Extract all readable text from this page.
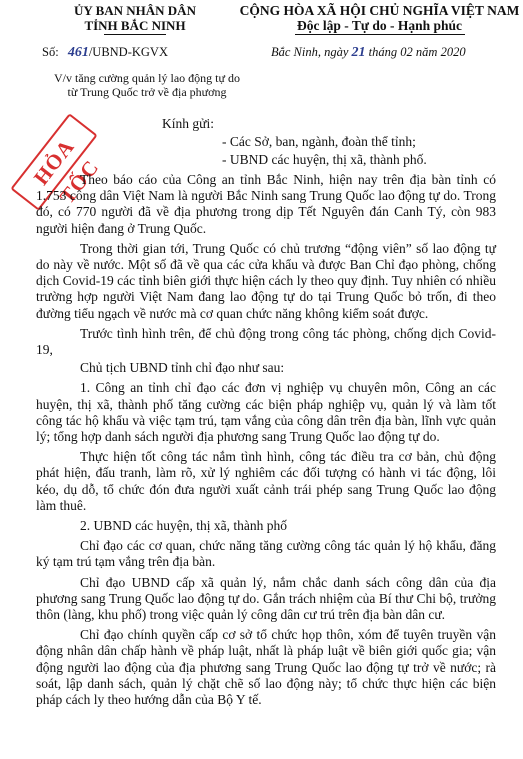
ỦY BAN NHÂN DÂN
TỈNH BẮC NINH
CỘNG HÒA XÃ HỘI CHỦ NGHĨA VIỆT NAM
Độc lập - Tự do - Hạnh phúc
Số: 461/UBND-KGVX	Bắc Ninh, ngày 21 tháng 02 năm 2020
V/v tăng cường quản lý lao động tự do
từ Trung Quốc trở về địa phương
HỎA TỐC
Kính gửi:
- Các Sở, ban, ngành, đoàn thể tỉnh;
- UBND các huyện, thị xã, thành phố.

Theo báo cáo của Công an tỉnh Bắc Ninh, hiện nay trên địa bàn tỉnh có 1.753 công dân Việt Nam là người Bắc Ninh sang Trung Quốc lao động tự do. Trong đó, có 770 người đã về địa phương trong dịp Tết Nguyên đán Canh Tý, còn 983 người hiện đang ở Trung Quốc.

Trong thời gian tới, Trung Quốc có chủ trương “động viên” số lao động tự do này về nước. Một số đã về qua các cửa khẩu và được Ban Chỉ đạo phòng, chống dịch Covid-19 các tỉnh biên giới thực hiện cách ly theo quy định. Tuy nhiên có nhiều trường hợp người Việt Nam đang lao động tự do tại Trung Quốc bỏ trốn, đi theo đường tiểu ngạch về nước mà cơ quan chức năng không kiểm soát được.

Trước tình hình trên, để chủ động trong công tác phòng, chống dịch Covid-19,

Chủ tịch UBND tỉnh chỉ đạo như sau:

1. Công an tỉnh chỉ đạo các đơn vị nghiệp vụ chuyên môn, Công an các huyện, thị xã, thành phố tăng cường các biện pháp nghiệp vụ, quản lý và làm tốt công tác hộ khẩu và việc tạm trú, tạm vắng của công dân trên địa bàn, lĩnh vực quản lý; tổng hợp danh sách người địa phương sang Trung Quốc lao động tự do.

Thực hiện tốt công tác nắm tình hình, công tác điều tra cơ bản, chủ động phát hiện, đấu tranh, làm rõ, xử lý nghiêm các đối tượng có hành vi tác động, lôi kéo, dụ dỗ, tổ chức đón đưa người xuất cảnh trái phép sang Trung Quốc lao động làm thuê.

2. UBND các huyện, thị xã, thành phố

Chỉ đạo các cơ quan, chức năng tăng cường công tác quản lý hộ khẩu, đăng ký tạm trú tạm vắng trên địa bàn.

Chỉ đạo UBND cấp xã quản lý, nắm chắc danh sách công dân của địa phương sang Trung Quốc lao động tự do. Gắn trách nhiệm của Bí thư Chi bộ, trưởng thôn (làng, khu phố) trong việc quản lý công dân cư trú trên địa bàn dân cư.

Chỉ đạo chính quyền cấp cơ sở tổ chức họp thôn, xóm để tuyên truyền vận động nhân dân chấp hành về pháp luật, nhất là pháp luật về biên giới quốc gia; vận động người lao động của địa phương sang Trung Quốc lao động tự trở về nước; rà soát, lập danh sách, quản lý chặt chẽ số lao động này; tổ chức thực hiện các biện pháp cách ly theo hướng dẫn của Bộ Y tế.
